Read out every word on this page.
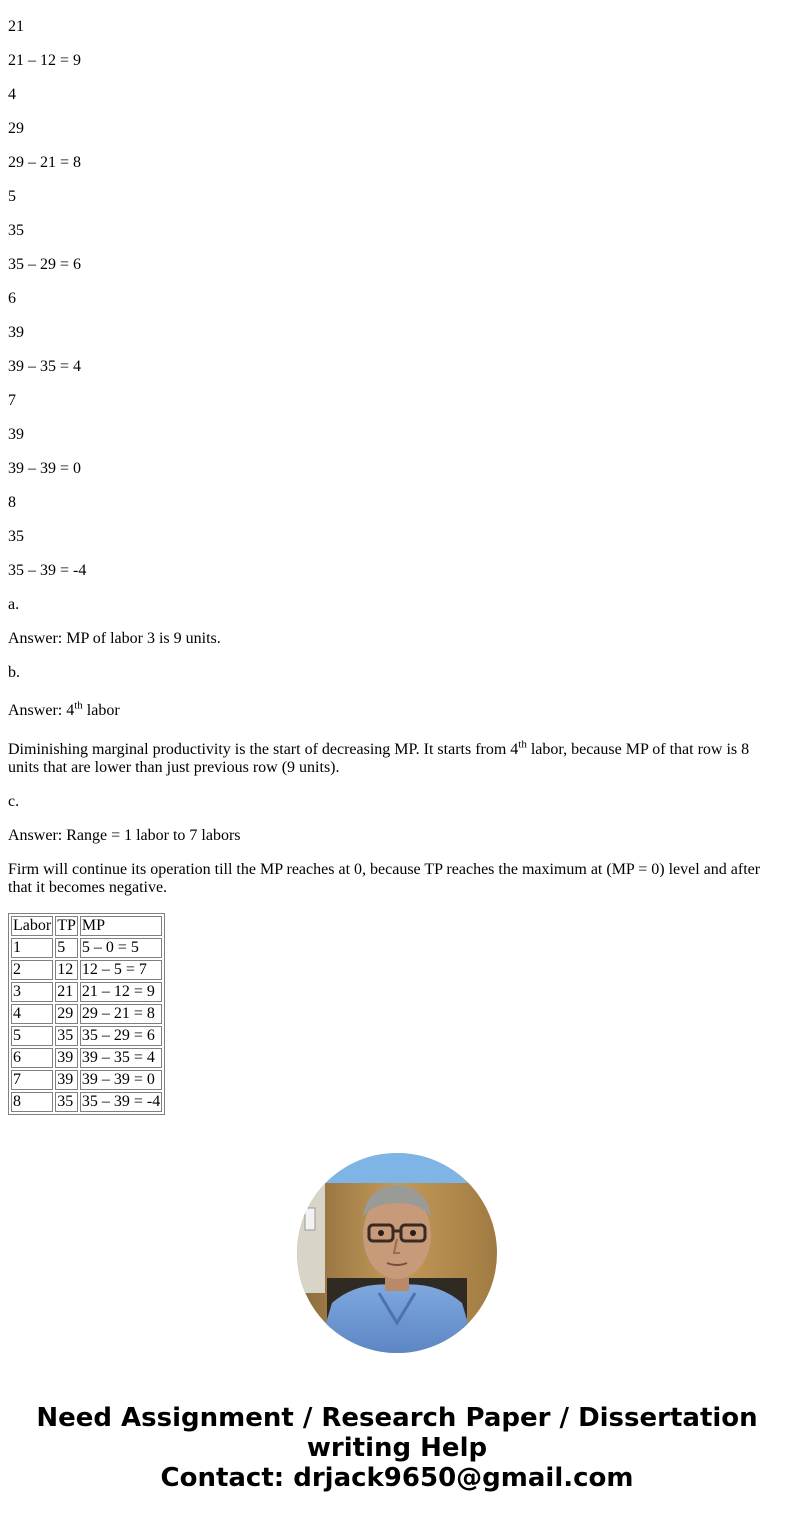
21
21 – 12 = 9
4
29
29 – 21 = 8
5
35
35 – 29 = 6
6
39
39 – 35 = 4
7
39
39 – 39 = 0
8
35
35 – 39 = -4
a.
Answer: MP of labor 3 is 9 units.
b.
Answer: 4th labor
Diminishing marginal productivity is the start of decreasing MP. It starts from 4th labor, because MP of that row is 8 units that are lower than just previous row (9 units).
c.
Answer: Range = 1 labor to 7 labors
Firm will continue its operation till the MP reaches at 0, because TP reaches the maximum at (MP = 0) level and after that it becomes negative.
Labor	TP	MP
1	5	5 – 0 = 5
2	12	12 – 5 = 7
3	21	21 – 12 = 9
4	29	29 – 21 = 8
5	35	35 – 29 = 6
6	39	39 – 35 = 4
7	39	39 – 39 = 0
8	35	35 – 39 = -4
Need Assignment / Research Paper / Dissertation
writing Help
Contact: drjack9650@gmail.com
